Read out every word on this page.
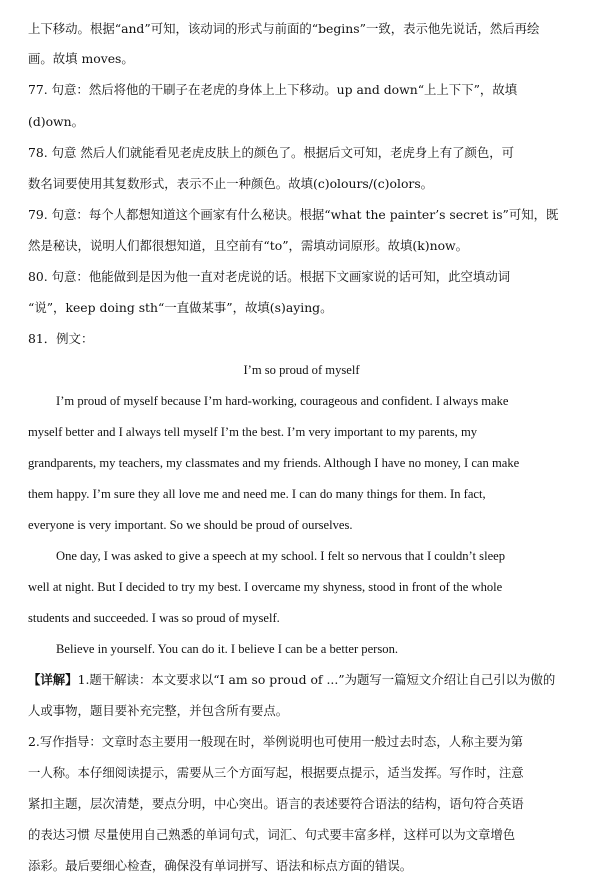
上下移动。根据“and”可知，该动词的形式与前面的“begins”一致，表示他先说话，然后再绘
画。故填 moves。
77. 句意：然后将他的干刷子在老虎的身体上上下移动。up and down“上上下下”，故填
(d)own。
78. 句意 然后人们就能看见老虎皮肤上的颜色了。根据后文可知，老虎身上有了颜色，可
数名词要使用其复数形式，表示不止一种颜色。故填(c)olours/(c)olors。
79. 句意：每个人都想知道这个画家有什么秘诀。根据“what the painter’s secret is”可知，既
然是秘诀，说明人们都很想知道，且空前有“to”，需填动词原形。故填(k)now。
80. 句意：他能做到是因为他一直对老虎说的话。根据下文画家说的话可知，此空填动词
“说”，keep doing sth“一直做某事”，故填(s)aying。
81．例文：
I’m so proud of myself
I’m proud of myself because I’m hard-working, courageous and confident. I always make
myself better and I always tell myself I’m the best. I’m very important to my parents, my
grandparents, my teachers, my classmates and my friends. Although I have no money, I can make
them happy. I’m sure they all love me and need me. I can do many things for them. In fact,
everyone is very important. So we should be proud of ourselves.
One day, I was asked to give a speech at my school. I felt so nervous that I couldn’t sleep
well at night. But I decided to try my best. I overcame my shyness, stood in front of the whole
students and succeeded. I was so proud of myself.
Believe in yourself. You can do it. I believe I can be a better person.
【详解】1.题干解读：本文要求以“I am so proud of ...”为题写一篇短文介绍让自己引以为傲的
人或事物，题目要补充完整，并包含所有要点。
2.写作指导：文章时态主要用一般现在时，举例说明也可使用一般过去时态，人称主要为第
一人称。本仔细阅读提示，需要从三个方面写起，根据要点提示，适当发挥。写作时，注意
紧扣主题，层次清楚，要点分明，中心突出。语言的表述要符合语法的结构，语句符合英语
的表达习惯 尽量使用自己熟悉的单词句式，词汇、句式要丰富多样，这样可以为文章增色
添彩。最后要细心检查，确保没有单词拼写、语法和标点方面的错误。
